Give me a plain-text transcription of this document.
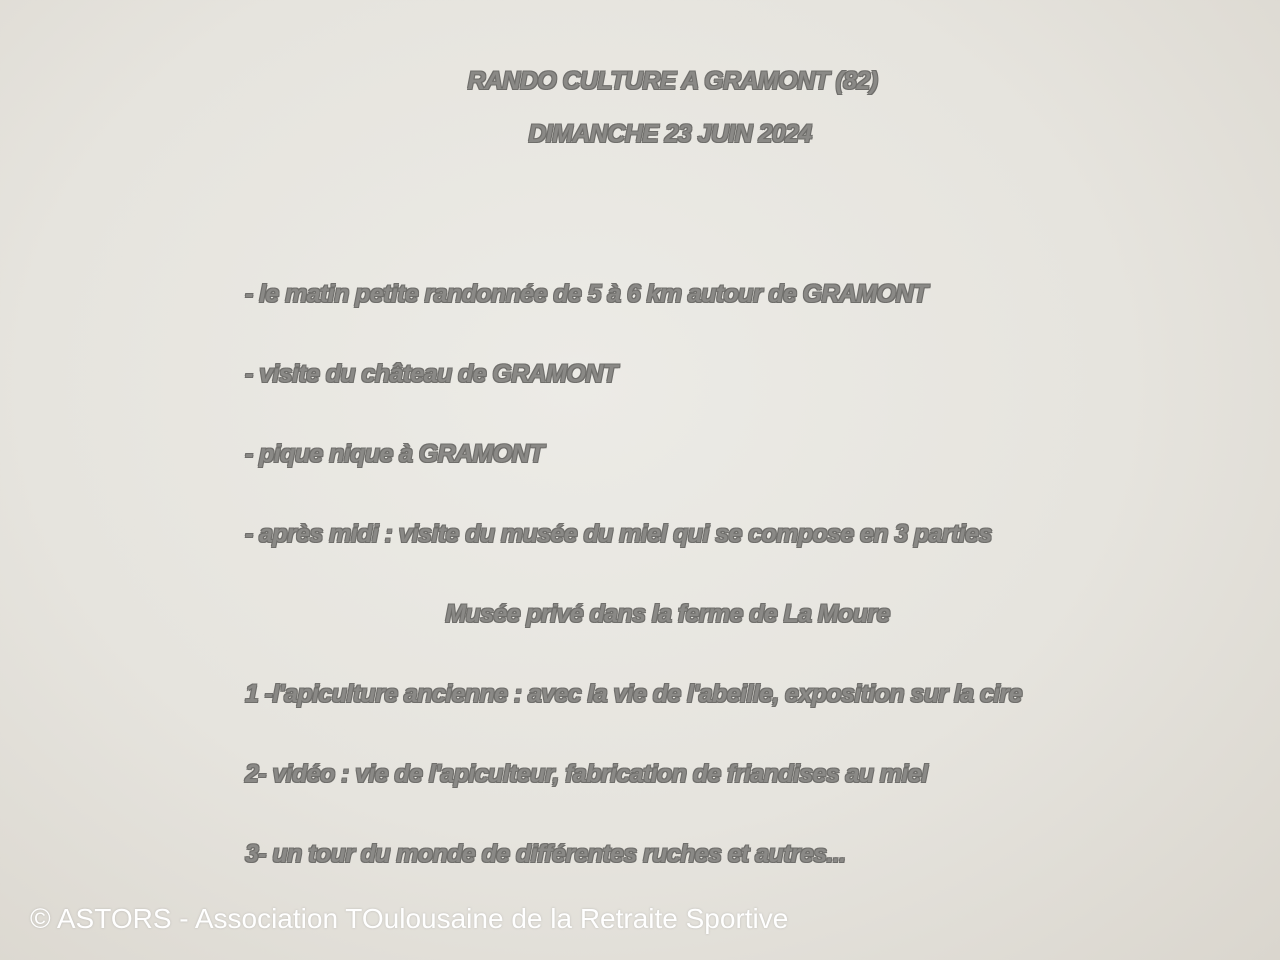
RANDO CULTURE A GRAMONT (82)

DIMANCHE 23 JUIN 2024

- le matin petite randonnée de 5 à 6 km autour de GRAMONT

- visite du château de GRAMONT

- pique nique à GRAMONT

- après midi : visite du musée du miel qui se compose en 3 parties

Musée privé dans la ferme de La Moure

1 -l'apiculture ancienne : avec la vie de l'abeille, exposition sur la cire

2- vidéo : vie de l'apiculteur, fabrication de friandises au miel

3- un tour du monde de différentes ruches et autres...

© ASTORS - Association TOulousaine de la Retraite Sportive
